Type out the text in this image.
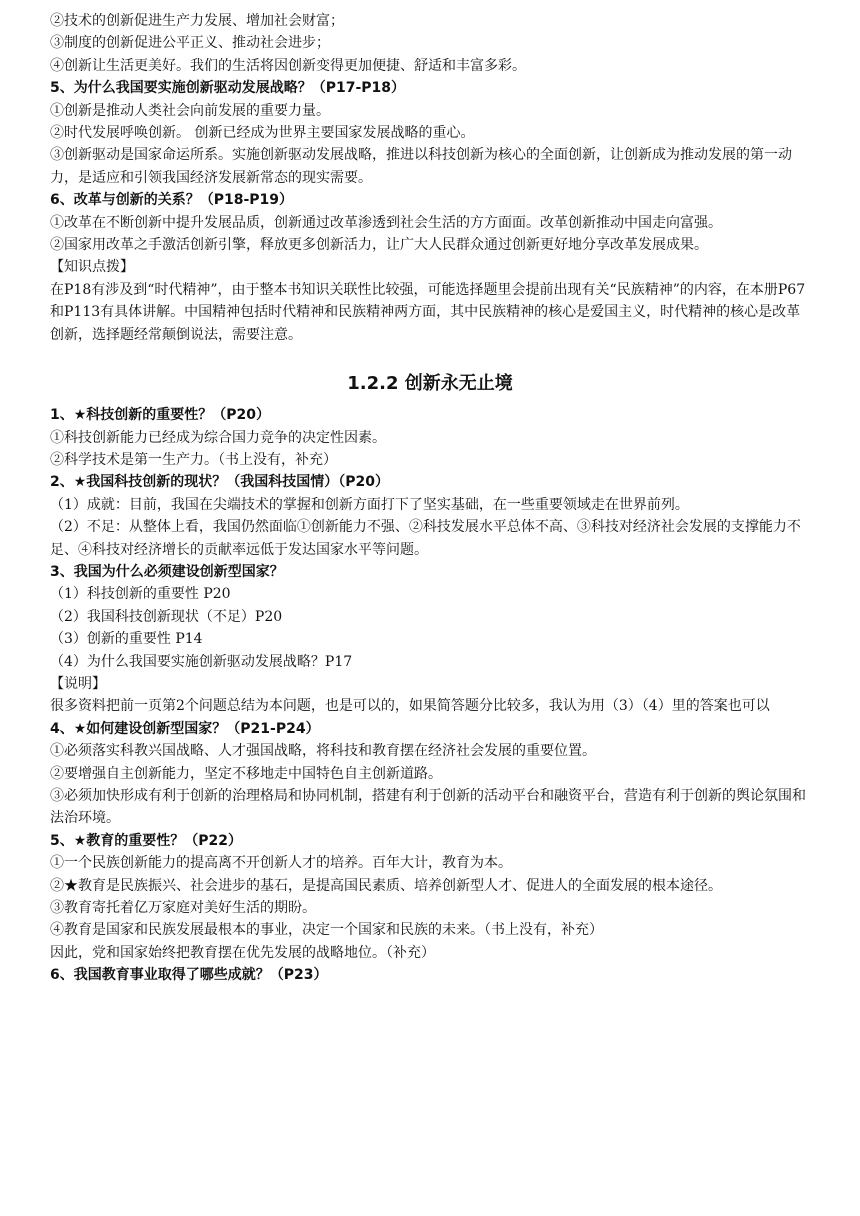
②技术的创新促进生产力发展、增加社会财富；

③制度的创新促进公平正义、推动社会进步；

④创新让生活更美好。我们的生活将因创新变得更加便捷、舒适和丰富多彩。

5、为什么我国要实施创新驱动发展战略？（P17-P18）

①创新是推动人类社会向前发展的重要力量。

②时代发展呼唤创新。 创新已经成为世界主要国家发展战略的重心。

③创新驱动是国家命运所系。实施创新驱动发展战略，推进以科技创新为核心的全面创新，让创新成为推动发展的第一动力，是适应和引领我国经济发展新常态的现实需要。

6、改革与创新的关系？（P18-P19）

①改革在不断创新中提升发展品质，创新通过改革渗透到社会生活的方方面面。改革创新推动中国走向富强。

②国家用改革之手激活创新引擎，释放更多创新活力，让广大人民群众通过创新更好地分享改革发展成果。

【知识点拨】

在P18有涉及到“时代精神”，由于整本书知识关联性比较强，可能选择题里会提前出现有关“民族精神”的内容，在本册P67和P113有具体讲解。中国精神包括时代精神和民族精神两方面，其中民族精神的核心是爱国主义，时代精神的核心是改革创新，选择题经常颠倒说法，需要注意。

1.2.2 创新永无止境

1、★科技创新的重要性？（P20）

①科技创新能力已经成为综合国力竞争的决定性因素。

②科学技术是第一生产力。（书上没有，补充）

2、★我国科技创新的现状？（我国科技国情）（P20）

（1）成就：目前，我国在尖端技术的掌握和创新方面打下了坚实基础，在一些重要领域走在世界前列。

（2）不足：从整体上看，我国仍然面临①创新能力不强、②科技发展水平总体不高、③科技对经济社会发展的支撑能力不足、④科技对经济增长的贡献率远低于发达国家水平等问题。

3、我国为什么必须建设创新型国家？

（1）科技创新的重要性 P20

（2）我国科技创新现状（不足）P20

（3）创新的重要性 P14

（4）为什么我国要实施创新驱动发展战略？P17

【说明】

很多资料把前一页第2个问题总结为本问题，也是可以的，如果简答题分比较多，我认为用（3）（4）里的答案也可以

4、★如何建设创新型国家？（P21-P24）

①必须落实科教兴国战略、人才强国战略，将科技和教育摆在经济社会发展的重要位置。

②要增强自主创新能力，坚定不移地走中国特色自主创新道路。

③必须加快形成有利于创新的治理格局和协同机制，搭建有利于创新的活动平台和融资平台，营造有利于创新的舆论氛围和法治环境。

5、★教育的重要性？（P22）

①一个民族创新能力的提高离不开创新人才的培养。百年大计，教育为本。

②★教育是民族振兴、社会进步的基石，是提高国民素质、培养创新型人才、促进人的全面发展的根本途径。

③教育寄托着亿万家庭对美好生活的期盼。

④教育是国家和民族发展最根本的事业，决定一个国家和民族的未来。（书上没有，补充）

因此，党和国家始终把教育摆在优先发展的战略地位。（补充）

6、我国教育事业取得了哪些成就？（P23）
